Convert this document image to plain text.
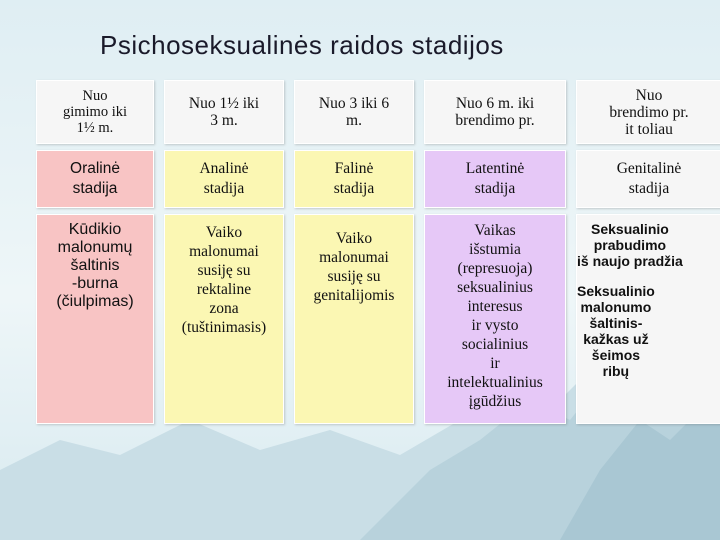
Psichoseksualinės raidos stadijos
Nuo
gimimo iki
1½ m.
Nuo 1½ iki
3 m.
Nuo 3 iki 6
m.
Nuo 6 m. iki
brendimo pr.
Nuo
brendimo pr.
it toliau
Oralinė
stadija
Analinė
stadija
Falinė
stadija
Latentinė
stadija
Genitalinė
stadija
Kūdikio
malonumų
šaltinis
-burna
(čiulpimas)
Vaiko
malonumai
susiję su
rektaline
zona
(tuštinimasis)
Vaiko
malonumai
susiję su
genitalijomis
Vaikas
išstumia
(represuoja)
seksualinius
interesus
ir vysto
socialinius
ir
intelektualinius
įgūdžius
Seksualinio
prabudimo
iš naujo pradžia
Seksualinio
malonumo
šaltinis-
kažkas už
šeimos
ribų
